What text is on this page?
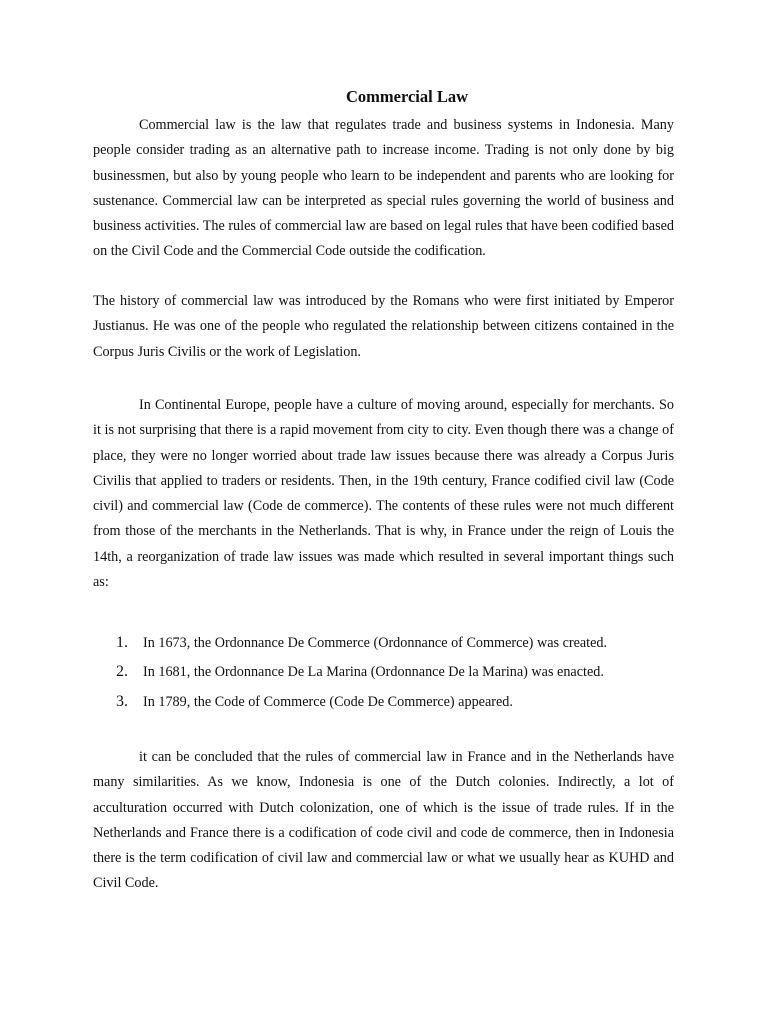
Commercial Law

Commercial law is the law that regulates trade and business systems in Indonesia. Many people consider trading as an alternative path to increase income. Trading is not only done by big businessmen, but also by young people who learn to be independent and parents who are looking for sustenance. Commercial law can be interpreted as special rules governing the world of business and business activities. The rules of commercial law are based on legal rules that have been codified based on the Civil Code and the Commercial Code outside the codification.

The history of commercial law was introduced by the Romans who were first initiated by Emperor Justianus. He was one of the people who regulated the relationship between citizens contained in the Corpus Juris Civilis or the work of Legislation.

In Continental Europe, people have a culture of moving around, especially for merchants. So it is not surprising that there is a rapid movement from city to city. Even though there was a change of place, they were no longer worried about trade law issues because there was already a Corpus Juris Civilis that applied to traders or residents. Then, in the 19th century, France codified civil law (Code civil) and commercial law (Code de commerce). The contents of these rules were not much different from those of the merchants in the Netherlands. That is why, in France under the reign of Louis the 14th, a reorganization of trade law issues was made which resulted in several important things such as:

1. In 1673, the Ordonnance De Commerce (Ordonnance of Commerce) was created.
2. In 1681, the Ordonnance De La Marina (Ordonnance De la Marina) was enacted.
3. In 1789, the Code of Commerce (Code De Commerce) appeared.

it can be concluded that the rules of commercial law in France and in the Netherlands have many similarities. As we know, Indonesia is one of the Dutch colonies. Indirectly, a lot of acculturation occurred with Dutch colonization, one of which is the issue of trade rules. If in the Netherlands and France there is a codification of code civil and code de commerce, then in Indonesia there is the term codification of civil law and commercial law or what we usually hear as KUHD and Civil Code.
